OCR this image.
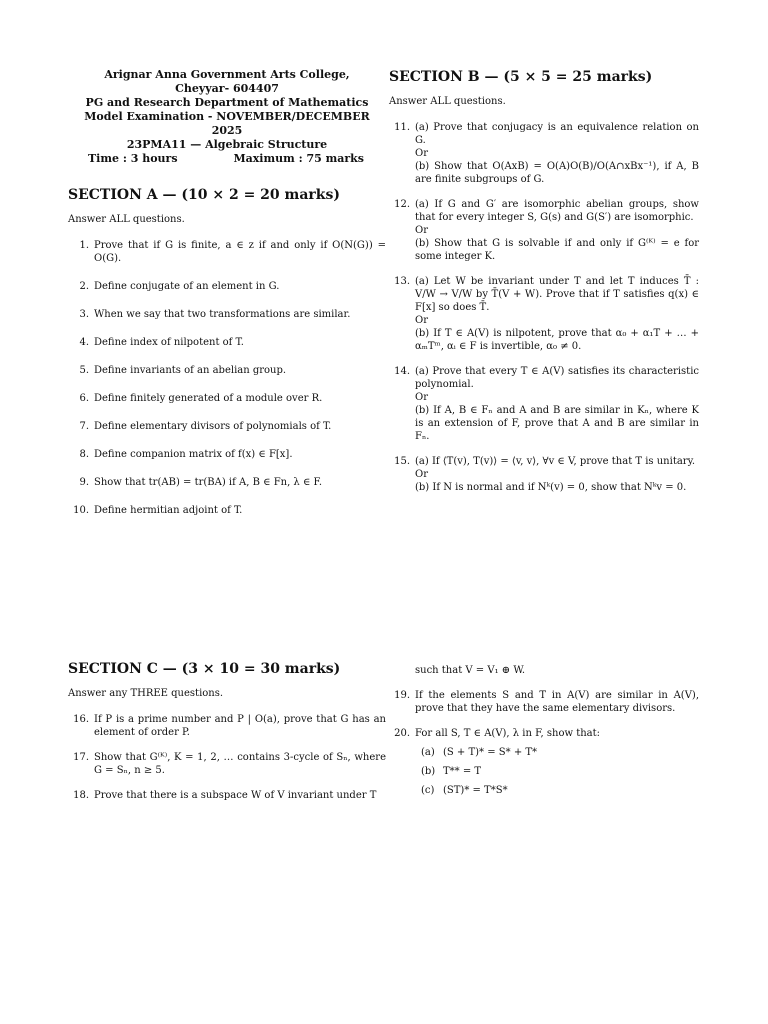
Arignar Anna Government Arts College,
Cheyyar- 604407
PG and Research Department of Mathematics
Model Examination - NOVEMBER/DECEMBER
2025
23PMA11 — Algebraic Structure
Time : 3 hours	Maximum : 75 marks
SECTION A — (10 × 2 = 20 marks)
Answer ALL questions.
1. Prove that if G is finite, a ∈ z if and only if O(N(G)) = O(G).
2. Define conjugate of an element in G.
3. When we say that two transformations are similar.
4. Define index of nilpotent of T.
5. Define invariants of an abelian group.
6. Define finitely generated of a module over R.
7. Define elementary divisors of polynomials of T.
8. Define companion matrix of f(x) ∈ F[x].
9. Show that tr(AB) = tr(BA) if A, B ∈ Fn, λ ∈ F.
10. Define hermitian adjoint of T.
SECTION B — (5 × 5 = 25 marks)
Answer ALL questions.
11. (a) Prove that conjugacy is an equivalence relation on G.
Or
(b) Show that O(AxB) = O(A)O(B)/O(A∩xBx⁻¹), if A, B are finite subgroups of G.
12. (a) If G and G′ are isomorphic abelian groups, show that for every integer S, G(s) and G(S′) are isomorphic.
Or
(b) Show that G is solvable if and only if G⁽ᴷ⁾ = e for some integer K.
13. (a) Let W be invariant under T and let T induces T̄ : V/W → V/W by T̄(V + W). Prove that if T satisfies q(x) ∈ F[x] so does T̄.
Or
(b) If T ∈ A(V) is nilpotent, prove that α₀ + α₁T + … + αₘTᵐ, αᵢ ∈ F is invertible, α₀ ≠ 0.
14. (a) Prove that every T ∈ A(V) satisfies its characteristic polynomial.
Or
(b) If A, B ∈ Fₙ and A and B are similar in Kₙ, where K is an extension of F, prove that A and B are similar in Fₙ.
15. (a) If ⟨T(v), T(v)⟩ = ⟨v, v⟩, ∀v ∈ V, prove that T is unitary.
Or
(b) If N is normal and if Nᵏ(v) = 0, show that Nᵏv = 0.
SECTION C — (3 × 10 = 30 marks)
Answer any THREE questions.
16. If P is a prime number and P | O(a), prove that G has an element of order P.
17. Show that G⁽ᴷ⁾, K = 1, 2, … contains 3-cycle of Sₙ, where G = Sₙ, n ≥ 5.
18. Prove that there is a subspace W of V invariant under T
such that V = V₁ ⊕ W.
19. If the elements S and T in A(V) are similar in A(V), prove that they have the same elementary divisors.
20. For all S, T ∈ A(V), λ in F, show that:
(a) (S + T)* = S* + T*
(b) T** = T
(c) (ST)* = T*S*
